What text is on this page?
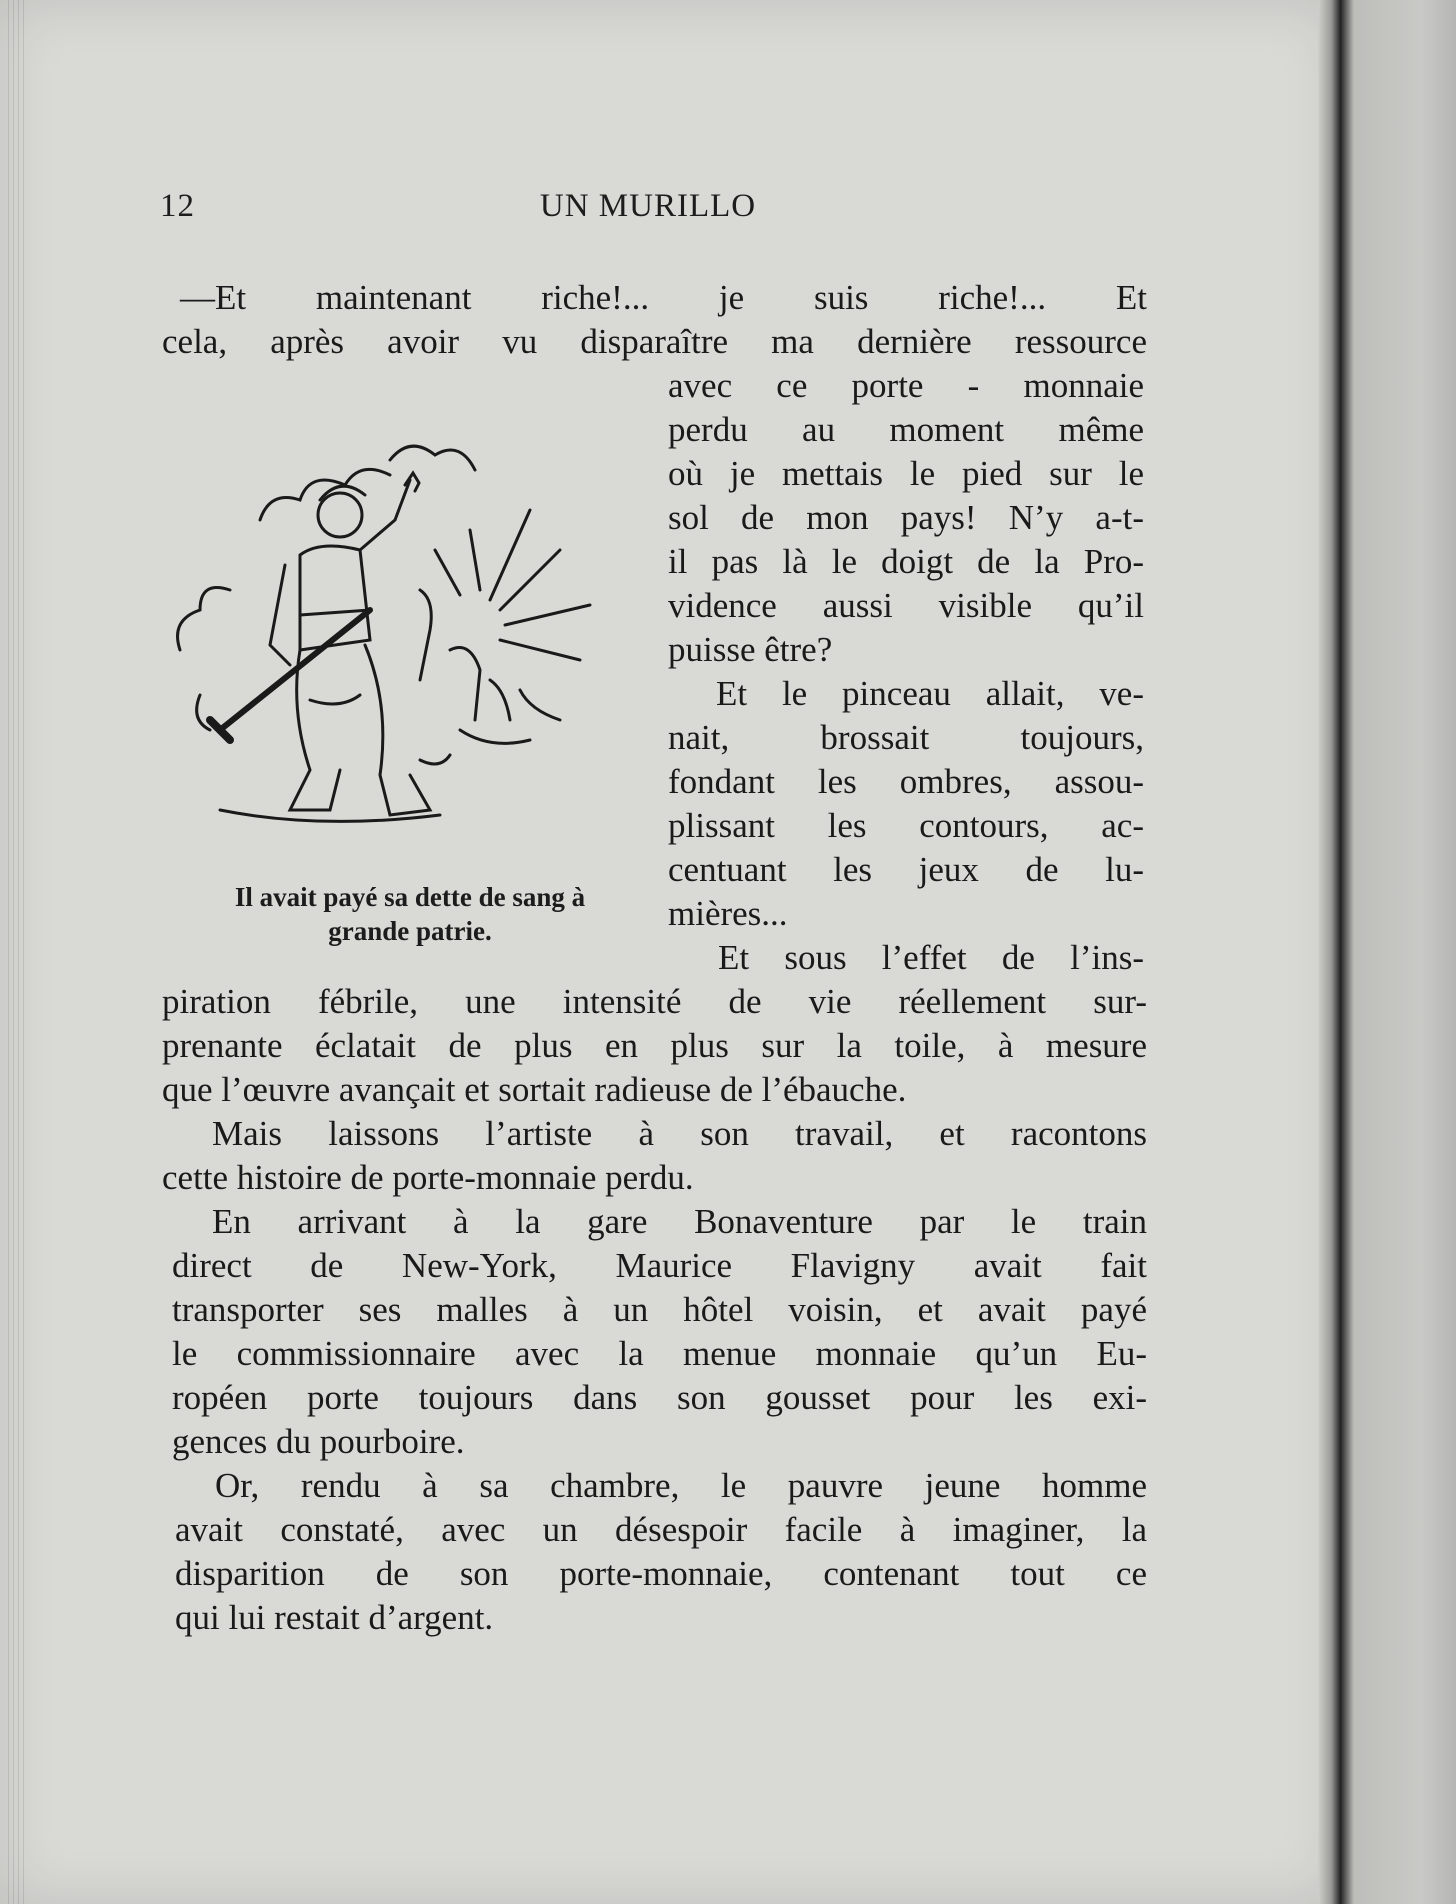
12	UN MURILLO
—Et maintenant riche!... je suis riche!... Et
cela, après avoir vu disparaître ma dernière ressource
avec ce porte - monnaie
perdu au moment même
où je mettais le pied sur le
sol de mon pays! N’y a-t-
il pas là le doigt de la Pro-
vidence aussi visible qu’il
puisse être?
Et le pinceau allait, ve-
nait, brossait toujours,
fondant les ombres, assou-
plissant les contours, ac-
centuant les jeux de lu-
mières...
Et sous l’effet de l’ins-
Il avait payé sa dette de sang à
grande patrie.
piration fébrile, une intensité de vie réellement sur-
prenante éclatait de plus en plus sur la toile, à mesure
que l’œuvre avançait et sortait radieuse de l’ébauche.
Mais laissons l’artiste à son travail, et racontons
cette histoire de porte-monnaie perdu.
En arrivant à la gare Bonaventure par le train
direct de New-York, Maurice Flavigny avait fait
transporter ses malles à un hôtel voisin, et avait payé
le commissionnaire avec la menue monnaie qu’un Eu-
ropéen porte toujours dans son gousset pour les exi-
gences du pourboire.
Or, rendu à sa chambre, le pauvre jeune homme
avait constaté, avec un désespoir facile à imaginer, la
disparition de son porte-monnaie, contenant tout ce
qui lui restait d’argent.
